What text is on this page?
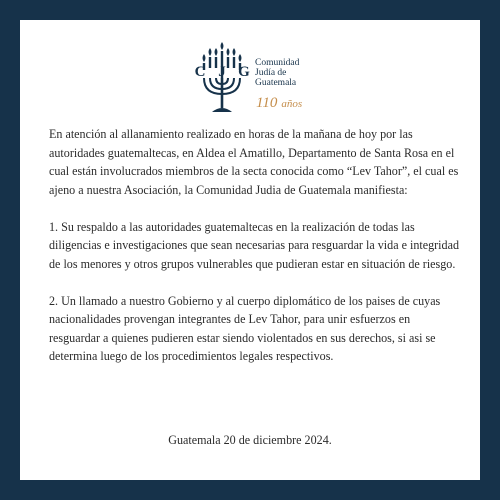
C J G
Comunidad
Judía de
Guatemala
110 años

En atención al allanamiento realizado en horas de la mañana de hoy por las autoridades guatemaltecas, en Aldea el Amatillo, Departamento de Santa Rosa en el cual están involucrados miembros de la secta conocida como “Lev Tahor”, el cual es ajeno a nuestra Asociación, la Comunidad Judia de Guatemala manifiesta:

1. Su respaldo a las autoridades guatemaltecas en la realización de todas las diligencias e investigaciones que sean necesarias para resguardar la vida e integridad de los menores y otros grupos vulnerables que pudieran estar en situación de riesgo.

2. Un llamado a nuestro Gobierno y al cuerpo diplomático de los paises de cuyas nacionalidades provengan integrantes de Lev Tahor, para unir esfuerzos en resguardar a quienes pudieren estar siendo violentados en sus derechos, si asi se determina luego de los procedimientos legales respectivos.

Guatemala 20 de diciembre 2024.
